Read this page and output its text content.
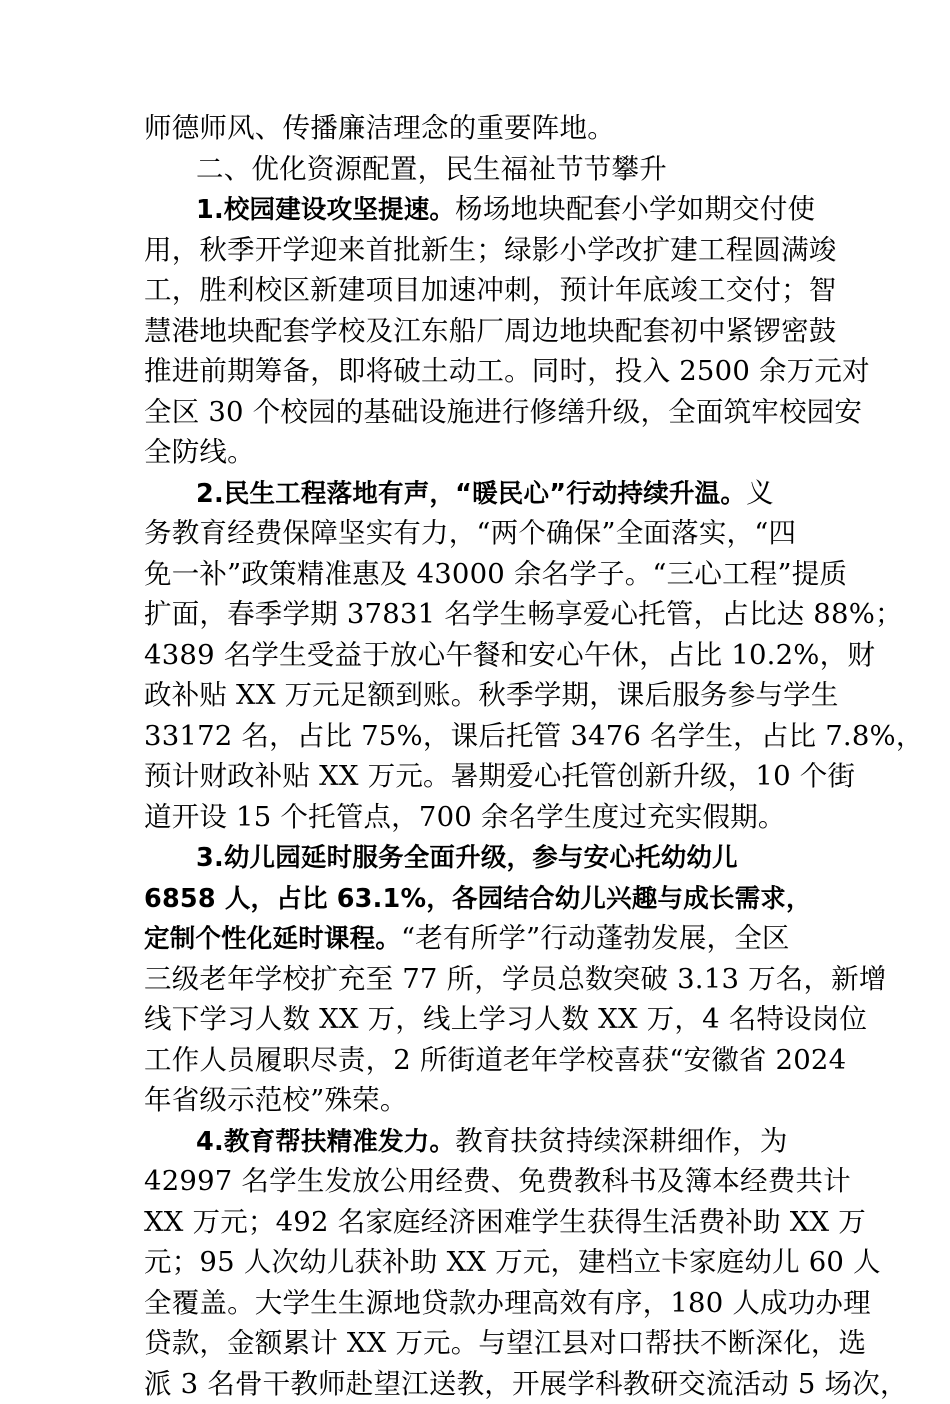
师德师风、传播廉洁理念的重要阵地。
二、优化资源配置，民生福祉节节攀升
1.校园建设攻坚提速。杨场地块配套小学如期交付使
用，秋季开学迎来首批新生；绿影小学改扩建工程圆满竣
工，胜利校区新建项目加速冲刺，预计年底竣工交付；智
慧港地块配套学校及江东船厂周边地块配套初中紧锣密鼓
推进前期筹备，即将破土动工。同时，投入 2500 余万元对
全区 30 个校园的基础设施进行修缮升级，全面筑牢校园安
全防线。
2.民生工程落地有声，“暖民心”行动持续升温。义
务教育经费保障坚实有力，“两个确保”全面落实，“四
免一补”政策精准惠及 43000 余名学子。“三心工程”提质
扩面，春季学期 37831 名学生畅享爱心托管，占比达 88%；
4389 名学生受益于放心午餐和安心午休，占比 10.2%，财
政补贴 XX 万元足额到账。秋季学期，课后服务参与学生
33172 名，占比 75%，课后托管 3476 名学生，占比 7.8%，
预计财政补贴 XX 万元。暑期爱心托管创新升级，10 个街
道开设 15 个托管点，700 余名学生度过充实假期。
3.幼儿园延时服务全面升级，参与安心托幼幼儿
6858 人，占比 63.1%，各园结合幼儿兴趣与成长需求，
定制个性化延时课程。“老有所学”行动蓬勃发展，全区
三级老年学校扩充至 77 所，学员总数突破 3.13 万名，新增
线下学习人数 XX 万，线上学习人数 XX 万，4 名特设岗位
工作人员履职尽责，2 所街道老年学校喜获“安徽省 2024
年省级示范校”殊荣。
4.教育帮扶精准发力。教育扶贫持续深耕细作，为
42997 名学生发放公用经费、免费教科书及簿本经费共计
XX 万元；492 名家庭经济困难学生获得生活费补助 XX 万
元；95 人次幼儿获补助 XX 万元，建档立卡家庭幼儿 60 人
全覆盖。大学生生源地贷款办理高效有序，180 人成功办理
贷款，金额累计 XX 万元。与望江县对口帮扶不断深化，选
派 3 名骨干教师赴望江送教，开展学科教研交流活动 5 场次，
